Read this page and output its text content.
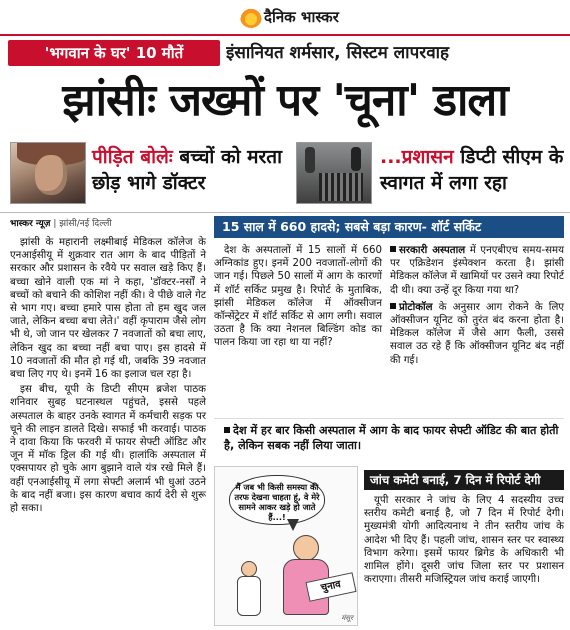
दैनिक भास्कर
'भगवान के घर' 10 मौतें	इंसानियत शर्मसार, सिस्टम लापरवाह
झांसीः जख्मों पर 'चूना' डाला
पीड़ित बोलेः बच्चों को मरता छोड़ भागे डॉक्टर
...प्रशासन डिप्टी सीएम के स्वागत में लगा रहा
भास्कर न्यूज़ | झांसी/नई दिल्ली

झांसी के महारानी लक्ष्मीबाई मेडिकल कॉलेज के एनआईसीयू में शुक्रवार रात आग के बाद पीड़ितों ने सरकार और प्रशासन के रवैये पर सवाल खड़े किए हैं। बच्चा खोने वाली एक मां ने कहा, 'डॉक्टर-नर्सों ने बच्चों को बचाने की कोशिश नहीं की। वे पीछे वाले गेट से भाग गए। बच्चा हमारे पास होता तो हम खुद जल जाते, लेकिन बच्चा बचा लेते।' वहीं कृपाराम जैसे लोग भी थे, जो जान पर खेलकर 7 नवजातों को बचा लाए, लेकिन खुद का बच्चा नहीं बचा पाए। इस हादसे में 10 नवजातों की मौत हो गई थी, जबकि 39 नवजात बचा लिए गए थे। इनमें 16 का इलाज चल रहा है।

इस बीच, यूपी के डिप्टी सीएम ब्रजेश पाठक शनिवार सुबह घटनास्थल पहुंचते, इससे पहले अस्पताल के बाहर उनके स्वागत में कर्मचारी सड़क पर चूने की लाइन डालते दिखे। सफाई भी करवाई। पाठक ने दावा किया कि फरवरी में फायर सेफ्टी ऑडिट और जून में मॉक ड्रिल की गई थी। हालांकि अस्पताल में एक्सपायर हो चुके आग बुझाने वाले यंत्र रखे मिले हैं। वहीं एनआईसीयू में लगा सेफ्टी अलार्म भी धुआं उठने के बाद नहीं बजा। इस कारण बचाव कार्य देरी से शुरू हो सका।

15 साल में 660 हादसे; सबसे बड़ा कारण- शॉर्ट सर्किट

देश के अस्पतालों में 15 सालों में 660 अग्निकांड हुए। इनमें 200 नवजातों-लोगों की जान गई। पिछले 50 सालों में आग के कारणों में शॉर्ट सर्किट प्रमुख है। रिपोर्ट के मुताबिक, झांसी मेडिकल कॉलेज में ऑक्सीजन कॉन्सेंट्रेटर में शॉर्ट सर्किट से आग लगी। सवाल उठता है कि क्या नेशनल बिल्डिंग कोड का पालन किया जा रहा था या नहीं?

सरकारी अस्पताल में एनएबीएच समय-समय पर एक्रिडेशन इंस्पेक्शन करता है। झांसी मेडिकल कॉलेज में खामियों पर उसने क्या रिपोर्ट दी थी। क्या उन्हें दूर किया गया था?
प्रोटोकॉल के अनुसार आग रोकने के लिए ऑक्सीजन यूनिट को तुरंत बंद करना होता है। मेडिकल कॉलेज में जैसे आग फैली, उससे सवाल उठ रहे हैं कि ऑक्सीजन यूनिट बंद नहीं की गई।
देश में हर बार किसी अस्पताल में आग के बाद फायर सेफ्टी ऑडिट की बात होती है, लेकिन सबक नहीं लिया जाता।
मैं जब भी किसी समस्या की तरफ देखना चाहता हूं, वे मेरे सामने आकर खड़े हो जाते हैं...!
चुनाव
मंसूर
जांच कमेटी बनाई, 7 दिन में रिपोर्ट देगी

यूपी सरकार ने जांच के लिए 4 सदस्यीय उच्च स्तरीय कमेटी बनाई है, जो 7 दिन में रिपोर्ट देगी। मुख्यमंत्री योगी आदित्यनाथ ने तीन स्तरीय जांच के आदेश भी दिए हैं। पहली जांच, शासन स्तर पर स्वास्थ्य विभाग करेगा। इसमें फायर ब्रिगेड के अधिकारी भी शामिल होंगे। दूसरी जांच जिला स्तर पर प्रशासन कराएगा। तीसरी मजिस्ट्रियल जांच कराई जाएगी।
